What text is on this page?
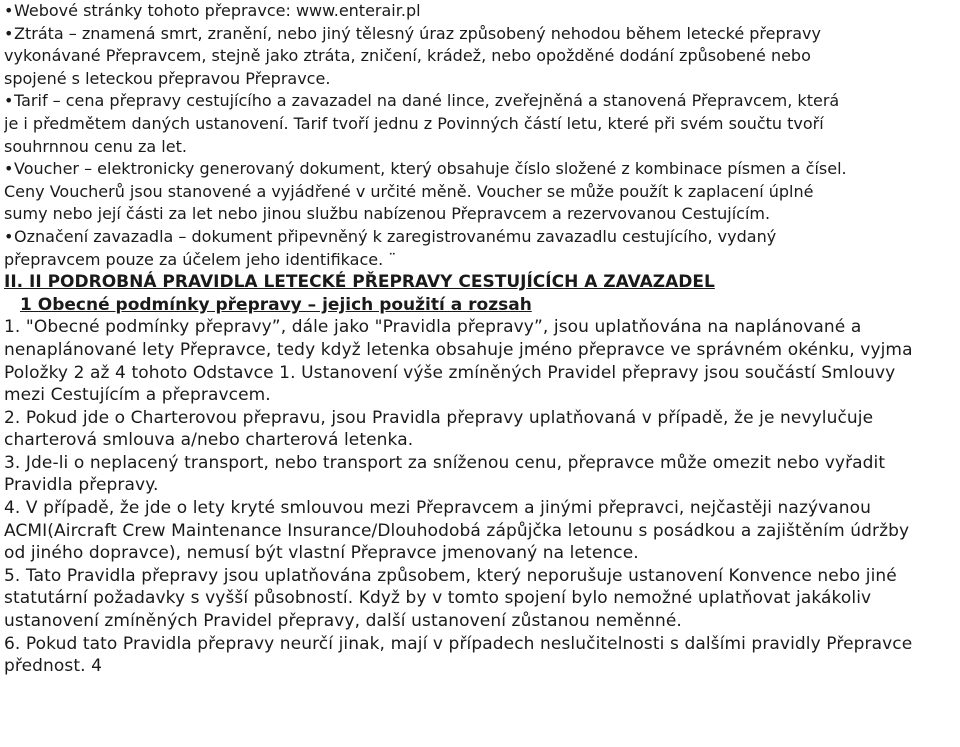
•Webové stránky tohoto přepravce: www.enterair.pl
•Ztráta – znamená smrt, zranění, nebo jiný tělesný úraz způsobený nehodou během letecké přepravy
vykonávané Přepravcem, stejně jako ztráta, zničení, krádež, nebo opožděné dodání způsobené nebo
spojené s leteckou přepravou Přepravce.
•Tarif – cena přepravy cestujícího a zavazadel na dané lince, zveřejněná a stanovená Přepravcem, která
je i předmětem daných ustanovení. Tarif tvoří jednu z Povinných částí letu, které při svém součtu tvoří
souhrnnou cenu za let.
•Voucher – elektronicky generovaný dokument, který obsahuje číslo složené z kombinace písmen a čísel.
Ceny Voucherů jsou stanovené a vyjádřené v určité měně. Voucher se může použít k zaplacení úplné
sumy nebo její části za let nebo jinou službu nabízenou Přepravcem a rezervovanou Cestujícím.
•Označení zavazadla – dokument připevněný k zaregistrovanému zavazadlu cestujícího, vydaný
přepravcem pouze za účelem jeho identifikace. ¨
II. II PODROBNÁ PRAVIDLA LETECKÉ PŘEPRAVY CESTUJÍCÍCH A ZAVAZADEL
1 Obecné podmínky přepravy – jejich použití a rozsah
1. "Obecné podmínky přepravy”, dále jako "Pravidla přepravy”, jsou uplatňována na naplánované a
nenaplánované lety Přepravce, tedy když letenka obsahuje jméno přepravce ve správném okénku, vyjma
Položky 2 až 4 tohoto Odstavce 1. Ustanovení výše zmíněných Pravidel přepravy jsou součástí Smlouvy
mezi Cestujícím a přepravcem.
2. Pokud jde o Charterovou přepravu, jsou Pravidla přepravy uplatňovaná v případě, že je nevylučuje
charterová smlouva a/nebo charterová letenka.
3. Jde-li o neplacený transport, nebo transport za sníženou cenu, přepravce může omezit nebo vyřadit
Pravidla přepravy.
4. V případě, že jde o lety kryté smlouvou mezi Přepravcem a jinými přepravci, nejčastěji nazývanou
ACMI(Aircraft Crew Maintenance Insurance/Dlouhodobá zápůjčka letounu s posádkou a zajištěním údržby
od jiného dopravce), nemusí být vlastní Přepravce jmenovaný na letence.
5. Tato Pravidla přepravy jsou uplatňována způsobem, který neporušuje ustanovení Konvence nebo jiné
statutární požadavky s vyšší působností. Když by v tomto spojení bylo nemožné uplatňovat jakákoliv
ustanovení zmíněných Pravidel přepravy, další ustanovení zůstanou neměnné.
6. Pokud tato Pravidla přepravy neurčí jinak, mají v případech neslučitelnosti s dalšími pravidly Přepravce
přednost. 4
